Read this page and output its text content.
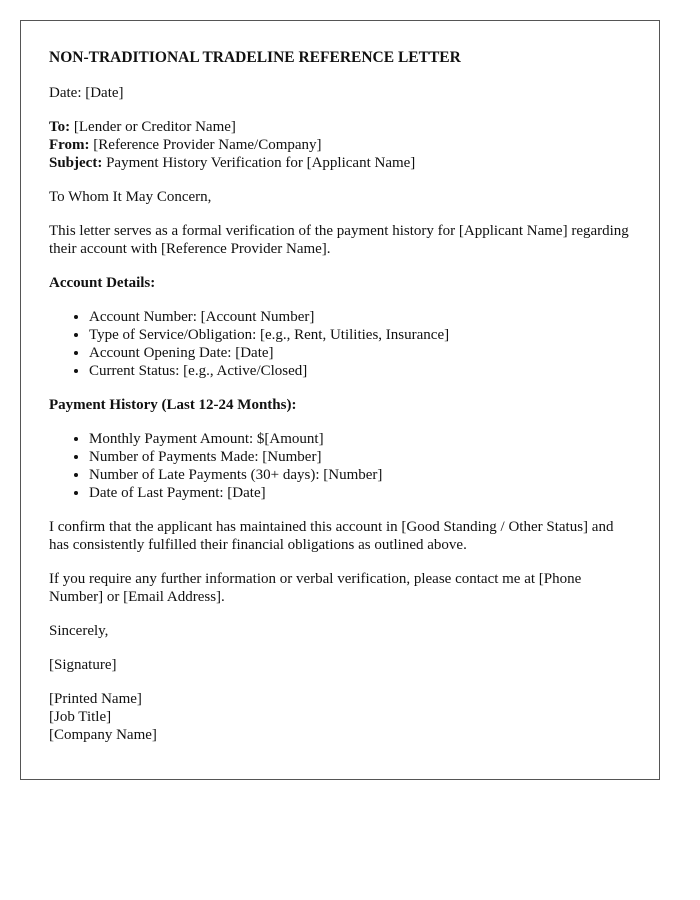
NON-TRADITIONAL TRADELINE REFERENCE LETTER
Date: [Date]
To: [Lender or Creditor Name]
From: [Reference Provider Name/Company]
Subject: Payment History Verification for [Applicant Name]
To Whom It May Concern,
This letter serves as a formal verification of the payment history for [Applicant Name] regarding their account with [Reference Provider Name].
Account Details:
• Account Number: [Account Number]
• Type of Service/Obligation: [e.g., Rent, Utilities, Insurance]
• Account Opening Date: [Date]
• Current Status: [e.g., Active/Closed]
Payment History (Last 12-24 Months):
• Monthly Payment Amount: $[Amount]
• Number of Payments Made: [Number]
• Number of Late Payments (30+ days): [Number]
• Date of Last Payment: [Date]
I confirm that the applicant has maintained this account in [Good Standing / Other Status] and has consistently fulfilled their financial obligations as outlined above.
If you require any further information or verbal verification, please contact me at [Phone Number] or [Email Address].
Sincerely,
[Signature]
[Printed Name]
[Job Title]
[Company Name]
